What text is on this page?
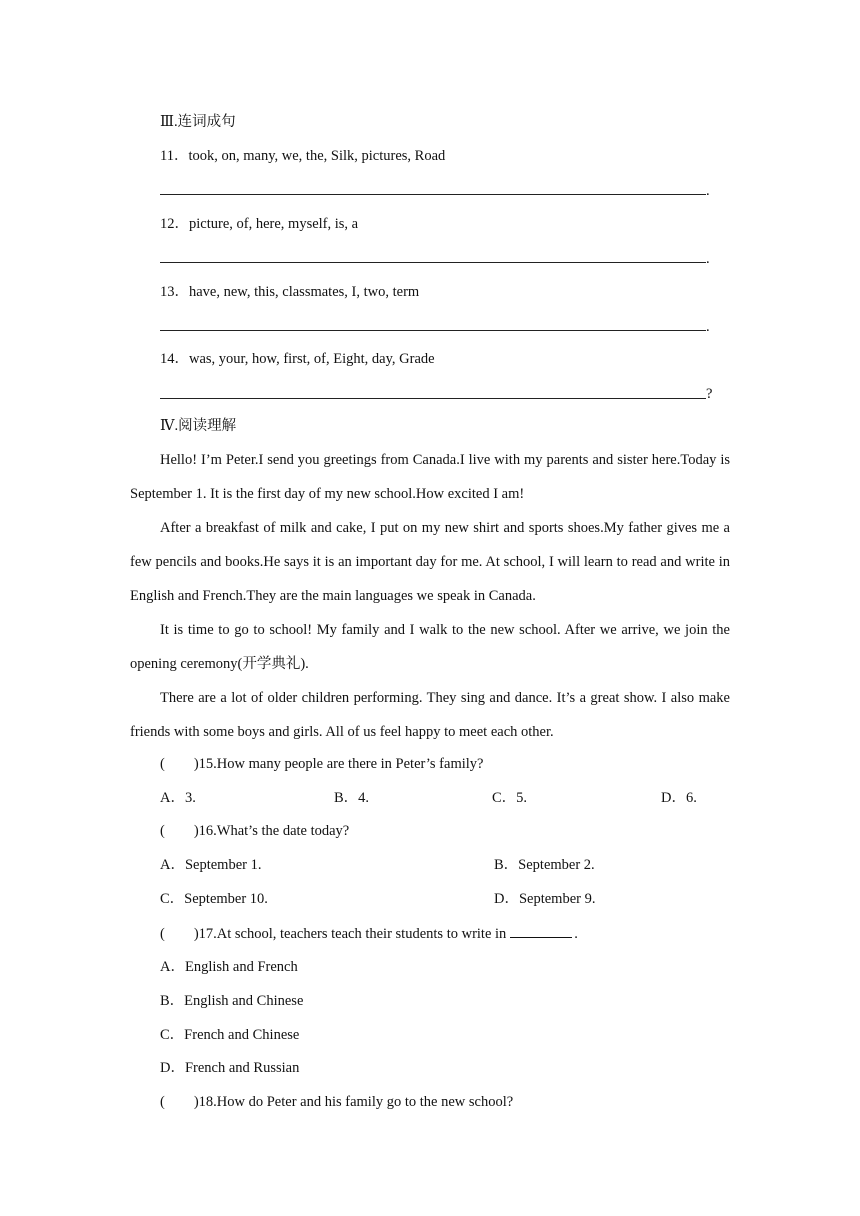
Ⅲ.连词成句
11．took, on, many, we, the, Silk, pictures, Road
.
12．picture, of, here, myself, is, a
.
13．have, new, this, classmates, I, two, term
.
14．was, your, how, first, of, Eight, day, Grade
?
Ⅳ.阅读理解
Hello! I’m Peter.I send you greetings from Canada.I live with my parents and sister here.Today is September 1. It is the first day of my new school.How excited I am!
After a breakfast of milk and cake, I put on my new shirt and sports shoes.My father gives me a few pencils and books.He says it is an important day for me. At school, I will learn to read and write in English and French.They are the main languages we speak in Canada.
It is time to go to school! My family and I walk to the new school. After we arrive, we join the opening ceremony(开学典礼).
There are a lot of older children performing. They sing and dance. It’s a great show. I also make friends with some boys and girls. All of us feel happy to meet each other.
(　　)15.How many people are there in Peter’s family?
A．3.	B．4.	C．5.	D．6.
(　　)16.What’s the date today?
A．September 1.	B．September 2.
C．September 10.	D．September 9.
(　　)17.At school, teachers teach their students to write in	.
A．English and French
B．English and Chinese
C．French and Chinese
D．French and Russian
(　　)18.How do Peter and his family go to the new school?
